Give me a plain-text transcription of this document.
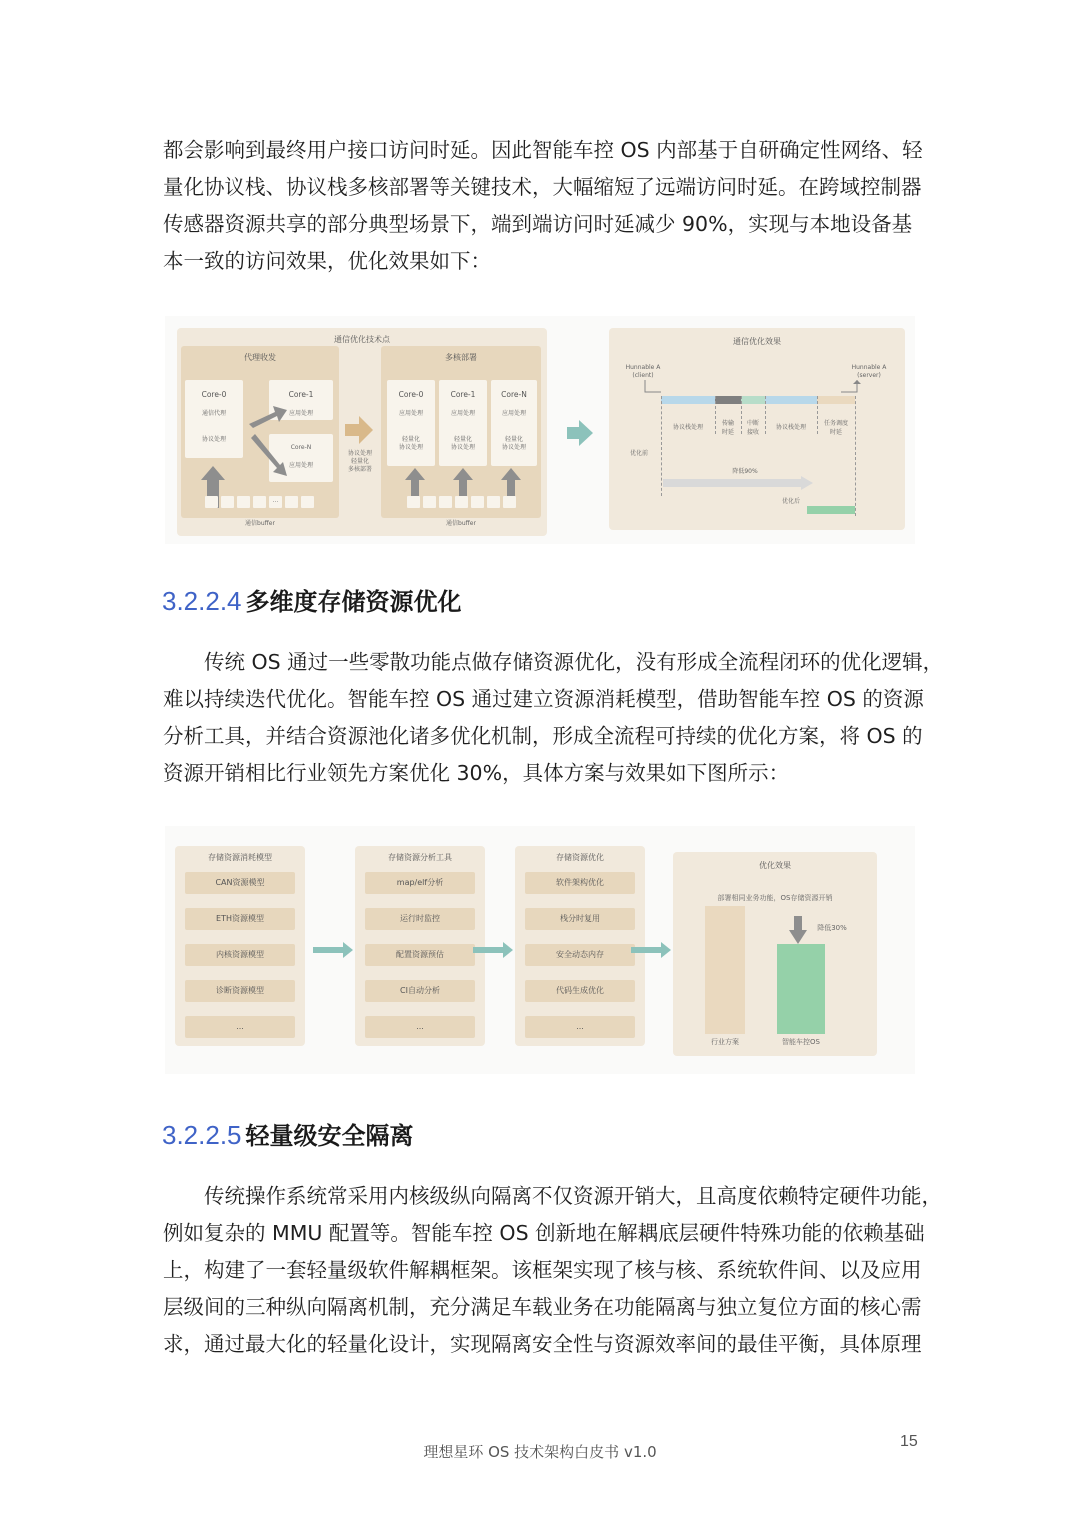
都会影响到最终用户接口访问时延。因此智能车控 OS 内部基于自研确定性网络、轻
量化协议栈、协议栈多核部署等关键技术，大幅缩短了远端访问时延。在跨域控制器
传感器资源共享的部分典型场景下，端到端访问时延减少 90%，实现与本地设备基
本一致的访问效果，优化效果如下：
通信优化技术点
代理收发
Core-0
通信代理
协议处理
Core-1
应用处理
Core-N
应用处理
...
通信buffer
协议处理
轻量化
多核部署
多核部署
Core-0
应用处理
轻量化
协议处理
Core-1
应用处理
轻量化
协议处理
Core-N
应用处理
轻量化
协议处理
通信buffer
通信优化效果
Hunnable A
(client)
Hunnable A
(server)
协议栈处理
传输
时延
中断
接收
协议栈处理
任务调度
时延
优化前
降低90%
优化后
3.2.2.4 多维度存储资源优化
传统 OS 通过一些零散功能点做存储资源优化，没有形成全流程闭环的优化逻辑，
难以持续迭代优化。智能车控 OS 通过建立资源消耗模型，借助智能车控 OS 的资源
分析工具，并结合资源池化诸多优化机制，形成全流程可持续的优化方案，将 OS 的
资源开销相比行业领先方案优化 30%，具体方案与效果如下图所示：
存储资源消耗模型
CAN资源模型
ETH资源模型
内核资源模型
诊断资源模型
...
存储资源分析工具
map/elf分析
运行时监控
配置资源预估
CI自动分析
...
存储资源优化
软件架构优化
栈分时复用
安全动态内存
代码生成优化
...
优化效果
部署相同业务功能，OS存储资源开销
降低30%
行业方案	智能车控OS
3.2.2.5 轻量级安全隔离
传统操作系统常采用内核级纵向隔离不仅资源开销大，且高度依赖特定硬件功能，
例如复杂的 MMU 配置等。智能车控 OS 创新地在解耦底层硬件特殊功能的依赖基础
上，构建了一套轻量级软件解耦框架。该框架实现了核与核、系统软件间、以及应用
层级间的三种纵向隔离机制，充分满足车载业务在功能隔离与独立复位方面的核心需
求，通过最大化的轻量化设计，实现隔离安全性与资源效率间的最佳平衡，具体原理
理想星环 OS 技术架构白皮书 v1.0
15
